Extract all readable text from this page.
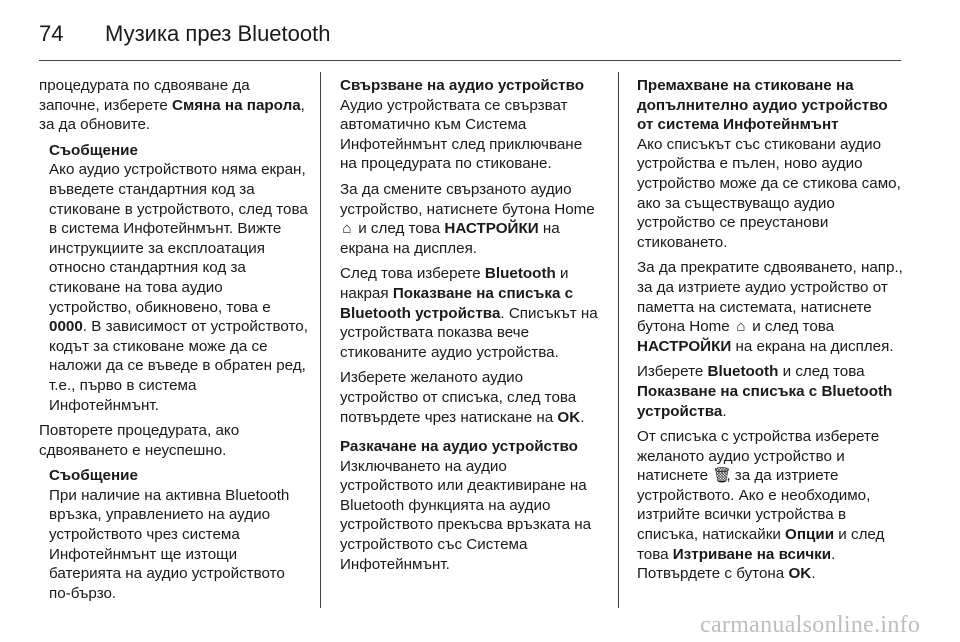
74	Музика през Bluetooth

процедурата по сдвояване да започне, изберете Смяна на парола, за да обновите.

Съобщение
Ако аудио устройството няма екран, въведете стандартния код за стиковане в устройството, след това в система Инфотейнмънт. Вижте инструкциите за експлоатация относно стандартния код за стиковане на това аудио устройство, обикновено, това е 0000. В зависимост от устройството, кодът за стиковане може да се наложи да се въведе в обратен ред, т.е., първо в система Инфотейнмънт.

Повторете процедурата, ако сдвояването е неуспешно.

Съобщение
При наличие на активна Bluetooth връзка, управлението на аудио устройството чрез система Инфотейнмънт ще изтощи батерията на аудио устройството по-бързо.
Свързване на аудио устройство

Аудио устройствата се свързват автоматично към Система Инфотейнмънт след приключване на процедурата по стиковане.

За да смените свързаното аудио устройство, натиснете бутона Home ⌂ и след това НАСТРОЙКИ на екрана на дисплея.

След това изберете Bluetooth и накрая Показване на списъка с Bluetooth устройства. Списъкът на устройствата показва вече стикованите аудио устройства.

Изберете желаното аудио устройство от списъка, след това потвърдете чрез натискане на OK.

Разкачане на аудио устройство

Изключването на аудио устройството или деактивиране на Bluetooth функцията на аудио устройството прекъсва връзката на устройството със Система Инфотейнмънт.

Премахване на стиковане на допълнително аудио устройство от система Инфотейнмънт

Ако списъкът със стиковани аудио устройства е пълен, ново аудио устройство може да се стикова само, ако за съществуващо аудио устройство се преустанови стиковането.

За да прекратите сдвояването, напр., за да изтриете аудио устройство от паметта на системата, натиснете бутона Home ⌂ и след това НАСТРОЙКИ на екрана на дисплея.

Изберете Bluetooth и след това Показване на списъка с Bluetooth устройства.

От списъка с устройства изберете желаното аудио устройство и натиснете 🗑, за да изтриете устройството. Ако е необходимо, изтрийте всички устройства в списъка, натискайки Опции и след това Изтриване на всички. Потвърдете с бутона OK.

carmanualsonline.info
